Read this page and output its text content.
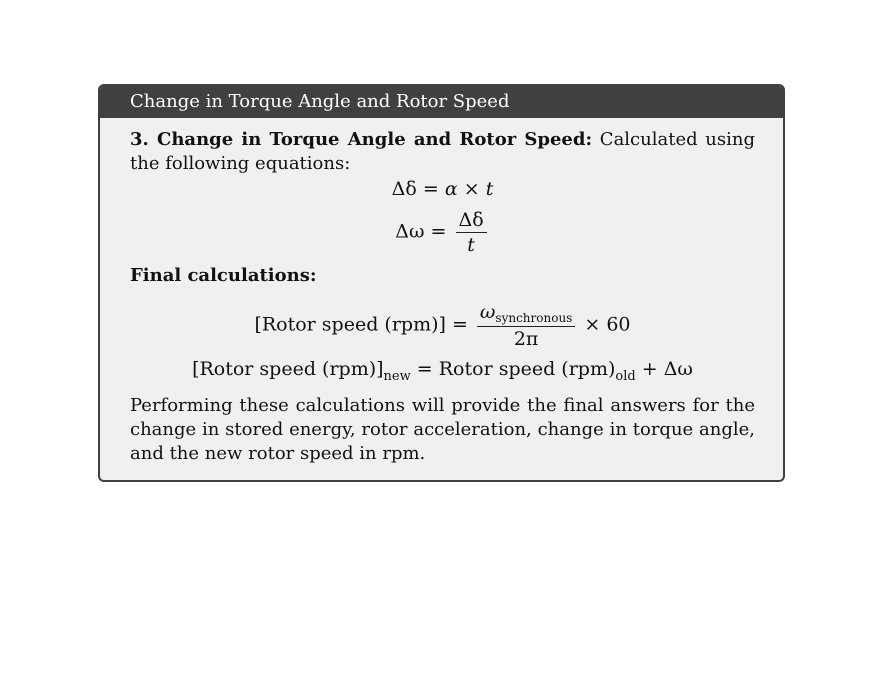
Change in Torque Angle and Rotor Speed

3. Change in Torque Angle and Rotor Speed: Calculated using the following equations:

Δδ = α × t
$\Delta\omega = \frac{\Delta\delta}{t}$

Final calculations:

[Rotor speed $(rpm)] = \frac{\omega_{synchronous}}{2\pi} \times 60$
[Rotor speed $(rpm)]_{new}$ = Rotor speed $(rpm)_{old} + \Delta\omega$

Performing these calculations will provide the final answers for the change in stored energy, rotor acceleration, change in torque angle, and the new rotor speed in rpm.
